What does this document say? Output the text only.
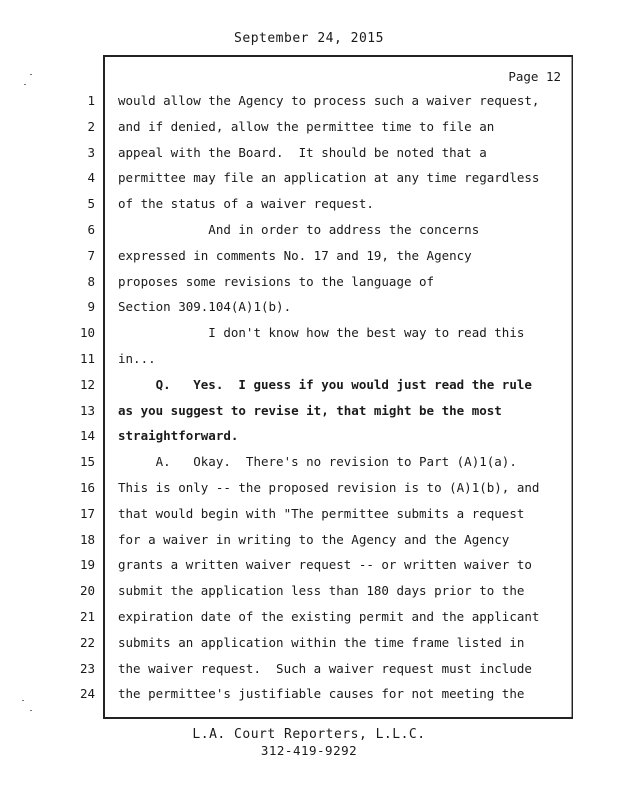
September 24, 2015
Page 12
1 would allow the Agency to process such a waiver request,
2 and if denied, allow the permittee time to file an
3 appeal with the Board.  It should be noted that a
4 permittee may file an application at any time regardless
5 of the status of a waiver request.
6 And in order to address the concerns
7 expressed in comments No. 17 and 19, the Agency
8 proposes some revisions to the language of
9 Section 309.104(A)1(b).
10 I don't know how the best way to read this
11 in...
12 Q.   Yes.  I guess if you would just read the rule
13 as you suggest to revise it, that might be the most
14 straightforward.
15 A.   Okay.  There's no revision to Part (A)1(a).
16 This is only -- the proposed revision is to (A)1(b), and
17 that would begin with "The permittee submits a request
18 for a waiver in writing to the Agency and the Agency
19 grants a written waiver request -- or written waiver to
20 submit the application less than 180 days prior to the
21 expiration date of the existing permit and the applicant
22 submits an application within the time frame listed in
23 the waiver request.  Such a waiver request must include
24 the permittee's justifiable causes for not meeting the
L.A. Court Reporters, L.L.C.
312-419-9292
